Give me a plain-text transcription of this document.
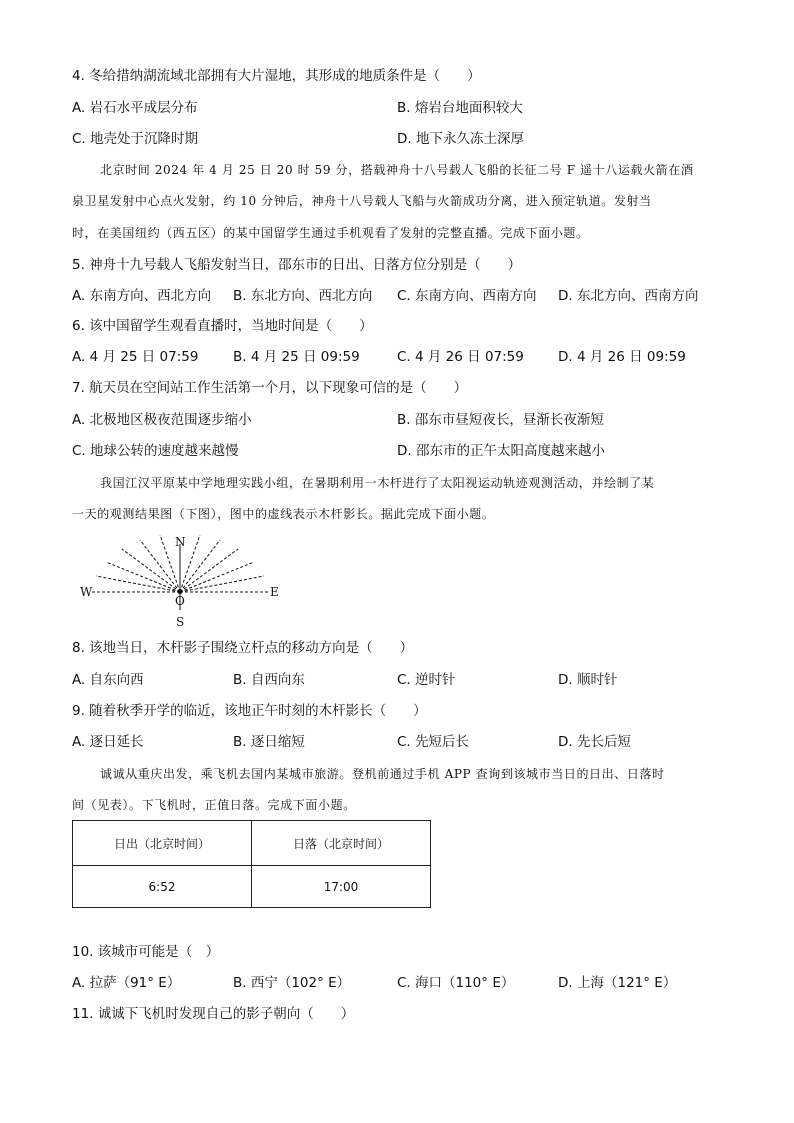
4. 冬给措纳湖流域北部拥有大片湿地，其形成的地质条件是（　　）
A. 岩石水平成层分布	B. 熔岩台地面积较大
C. 地壳处于沉降时期	D. 地下永久冻土深厚
北京时间 2024 年 4 月 25 日 20 时 59 分，搭载神舟十八号载人飞船的长征二号 F 遥十八运载火箭在酒
泉卫星发射中心点火发射，约 10 分钟后，神舟十八号载人飞船与火箭成功分离，进入预定轨道。发射当
时，在美国纽约（西五区）的某中国留学生通过手机观看了发射的完整直播。完成下面小题。
5. 神舟十九号载人飞船发射当日，邵东市的日出、日落方位分别是（　　）
A. 东南方向、西北方向 B. 东北方向、西北方向 C. 东南方向、西南方向 D. 东北方向、西南方向
6. 该中国留学生观看直播时，当地时间是（　　）
A. 4 月 25 日 07:59	B. 4 月 25 日 09:59	C. 4 月 26 日 07:59	D. 4 月 26 日 09:59
7. 航天员在空间站工作生活第一个月，以下现象可信的是（　　）
A. 北极地区极夜范围逐步缩小	B. 邵东市昼短夜长，昼渐长夜渐短
C. 地球公转的速度越来越慢	D. 邵东市的正午太阳高度越来越小
我国江汉平原某中学地理实践小组，在暑期利用一木杆进行了太阳视运动轨迹观测活动，并绘制了某
一天的观测结果图（下图），图中的虚线表示木杆影长。据此完成下面小题。
N
S
E
W
O
8. 该地当日，木杆影子围绕立杆点的移动方向是（　　）
A. 自东向西	B. 自西向东	C. 逆时针	D. 顺时针
9. 随着秋季开学的临近，该地正午时刻的木杆影长（　　）
A. 逐日延长	B. 逐日缩短	C. 先短后长	D. 先长后短
诚诚从重庆出发，乘飞机去国内某城市旅游。登机前通过手机 APP 查询到该城市当日的日出、日落时
间（见表）。下飞机时，正值日落。完成下面小题。
日出（北京时间）	日落（北京时间）
6:52	17:00
10. 该城市可能是（　）
A. 拉萨（91° E）	B. 西宁（102° E）	C. 海口（110° E）	D. 上海（121° E）
11. 诚诚下飞机时发现自己的影子朝向（　　）
